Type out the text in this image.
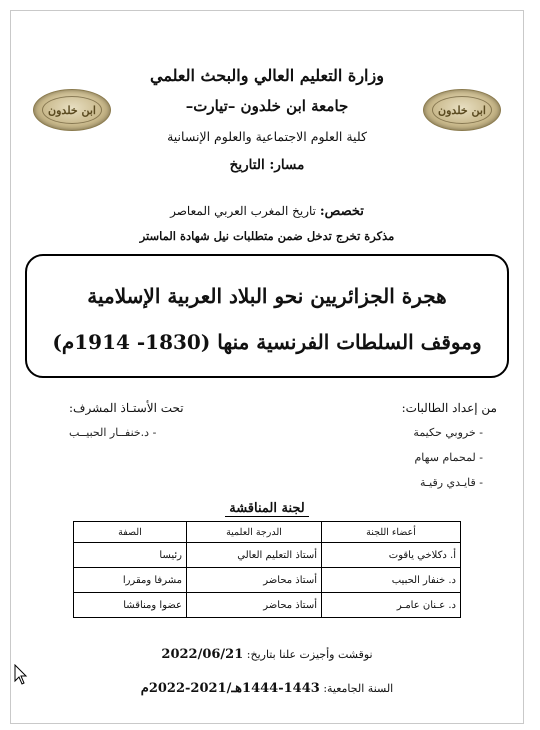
ابن خلدون	ابن خلدون
وزارة التعليم العالي والبحث العلمي
جامعة ابن خلدون –تيارت–
كلية العلوم الاجتماعية والعلوم الإنسانية
مسار: التاريخ
تخصص: تاريخ المغرب العربي المعاصر
مذكرة تخرج تدخل ضمن متطلبات نيل شهادة الماستر
هجرة الجزائريين نحو البلاد العربية الإسلامية
وموقف السلطات الفرنسية منها (1830- 1914م)
من إعداد الطالبات:
- خروبي حكيمة
- لمحمام سهام
- قايـدي رقيـة
تحت الأستـاذ المشرف:
- د.خنفــار الحبيــب
لجنة المناقشة
أعضاء اللجنة	الدرجة العلمية	الصفة
أ. دكلاخي ياقوت	أستاذ التعليم العالي	رئيسا
د. خنفار الحبيب	أستاذ محاضر	مشرفا ومقررا
د. عـنان عامـر	أستاذ محاضر	عضوا ومناقشا
نوقشت وأجيزت علنا بتاريخ: 2022/06/21
السنة الجامعية: 1443-1444هـ/2021-2022م
